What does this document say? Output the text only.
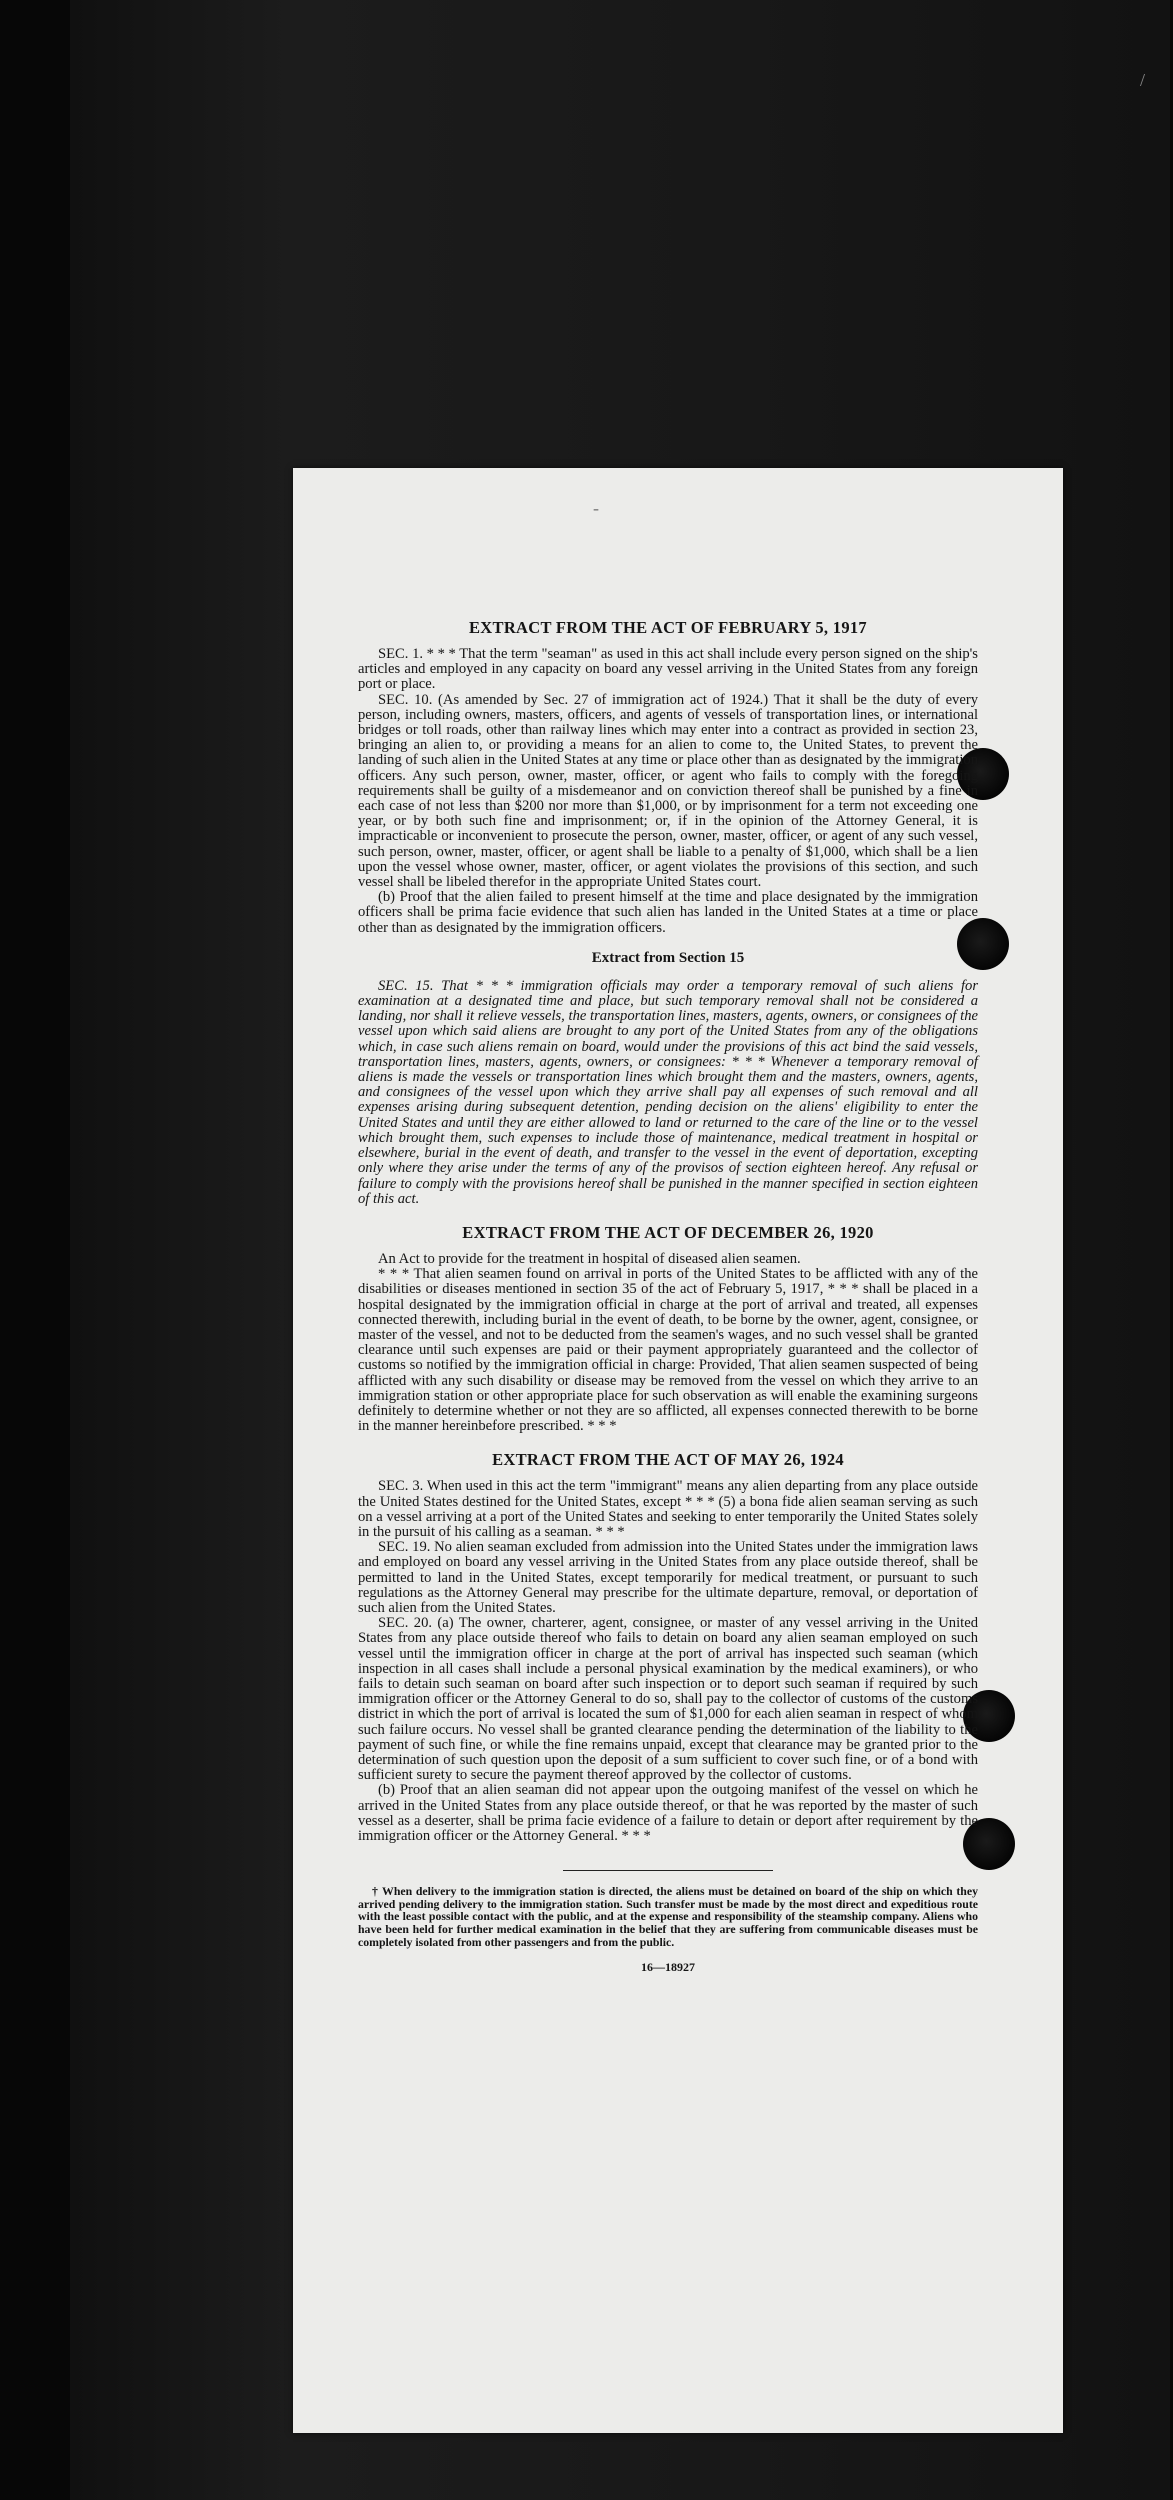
/
-
EXTRACT FROM THE ACT OF FEBRUARY 5, 1917

SEC. 1. * * * That the term "seaman" as used in this act shall include every person signed on the ship's articles and employed in any capacity on board any vessel arriving in the United States from any foreign port or place.

SEC. 10. (As amended by Sec. 27 of immigration act of 1924.) That it shall be the duty of every person, including owners, masters, officers, and agents of vessels of transportation lines, or international bridges or toll roads, other than railway lines which may enter into a contract as provided in section 23, bringing an alien to, or providing a means for an alien to come to, the United States, to prevent the landing of such alien in the United States at any time or place other than as designated by the immigration officers. Any such person, owner, master, officer, or agent who fails to comply with the foregoing requirements shall be guilty of a misdemeanor and on conviction thereof shall be punished by a fine in each case of not less than $200 nor more than $1,000, or by imprisonment for a term not exceeding one year, or by both such fine and imprisonment; or, if in the opinion of the Attorney General, it is impracticable or inconvenient to prosecute the person, owner, master, officer, or agent of any such vessel, such person, owner, master, officer, or agent shall be liable to a penalty of $1,000, which shall be a lien upon the vessel whose owner, master, officer, or agent violates the provisions of this section, and such vessel shall be libeled therefor in the appropriate United States court.

(b) Proof that the alien failed to present himself at the time and place designated by the immigration officers shall be prima facie evidence that such alien has landed in the United States at a time or place other than as designated by the immigration officers.

Extract from Section 15

SEC. 15. That * * * immigration officials may order a temporary removal of such aliens for examination at a designated time and place, but such temporary removal shall not be considered a landing, nor shall it relieve vessels, the transportation lines, masters, agents, owners, or consignees of the vessel upon which said aliens are brought to any port of the United States from any of the obligations which, in case such aliens remain on board, would under the provisions of this act bind the said vessels, transportation lines, masters, agents, owners, or consignees: * * * Whenever a temporary removal of aliens is made the vessels or transportation lines which brought them and the masters, owners, agents, and consignees of the vessel upon which they arrive shall pay all expenses of such removal and all expenses arising during subsequent detention, pending decision on the aliens' eligibility to enter the United States and until they are either allowed to land or returned to the care of the line or to the vessel which brought them, such expenses to include those of maintenance, medical treatment in hospital or elsewhere, burial in the event of death, and transfer to the vessel in the event of deportation, excepting only where they arise under the terms of any of the provisos of section eighteen hereof. Any refusal or failure to comply with the provisions hereof shall be punished in the manner specified in section eighteen of this act.

EXTRACT FROM THE ACT OF DECEMBER 26, 1920

An Act to provide for the treatment in hospital of diseased alien seamen.

* * * That alien seamen found on arrival in ports of the United States to be afflicted with any of the disabilities or diseases mentioned in section 35 of the act of February 5, 1917, * * * shall be placed in a hospital designated by the immigration official in charge at the port of arrival and treated, all expenses connected therewith, including burial in the event of death, to be borne by the owner, agent, consignee, or master of the vessel, and not to be deducted from the seamen's wages, and no such vessel shall be granted clearance until such expenses are paid or their payment appropriately guaranteed and the collector of customs so notified by the immigration official in charge: Provided, That alien seamen suspected of being afflicted with any such disability or disease may be removed from the vessel on which they arrive to an immigration station or other appropriate place for such observation as will enable the examining surgeons definitely to determine whether or not they are so afflicted, all expenses connected therewith to be borne in the manner hereinbefore prescribed. * * *

EXTRACT FROM THE ACT OF MAY 26, 1924

SEC. 3. When used in this act the term "immigrant" means any alien departing from any place outside the United States destined for the United States, except * * * (5) a bona fide alien seaman serving as such on a vessel arriving at a port of the United States and seeking to enter temporarily the United States solely in the pursuit of his calling as a seaman. * * *

SEC. 19. No alien seaman excluded from admission into the United States under the immigration laws and employed on board any vessel arriving in the United States from any place outside thereof, shall be permitted to land in the United States, except temporarily for medical treatment, or pursuant to such regulations as the Attorney General may prescribe for the ultimate departure, removal, or deportation of such alien from the United States.

SEC. 20. (a) The owner, charterer, agent, consignee, or master of any vessel arriving in the United States from any place outside thereof who fails to detain on board any alien seaman employed on such vessel until the immigration officer in charge at the port of arrival has inspected such seaman (which inspection in all cases shall include a personal physical examination by the medical examiners), or who fails to detain such seaman on board after such inspection or to deport such seaman if required by such immigration officer or the Attorney General to do so, shall pay to the collector of customs of the customs district in which the port of arrival is located the sum of $1,000 for each alien seaman in respect of whom such failure occurs. No vessel shall be granted clearance pending the determination of the liability to the payment of such fine, or while the fine remains unpaid, except that clearance may be granted prior to the determination of such question upon the deposit of a sum sufficient to cover such fine, or of a bond with sufficient surety to secure the payment thereof approved by the collector of customs.

(b) Proof that an alien seaman did not appear upon the outgoing manifest of the vessel on which he arrived in the United States from any place outside thereof, or that he was reported by the master of such vessel as a deserter, shall be prima facie evidence of a failure to detain or deport after requirement by the immigration officer or the Attorney General. * * *

† When delivery to the immigration station is directed, the aliens must be detained on board of the ship on which they arrived pending delivery to the immigration station. Such transfer must be made by the most direct and expeditious route with the least possible contact with the public, and at the expense and responsibility of the steamship company. Aliens who have been held for further medical examination in the belief that they are suffering from communicable diseases must be completely isolated from other passengers and from the public.

16—18927
